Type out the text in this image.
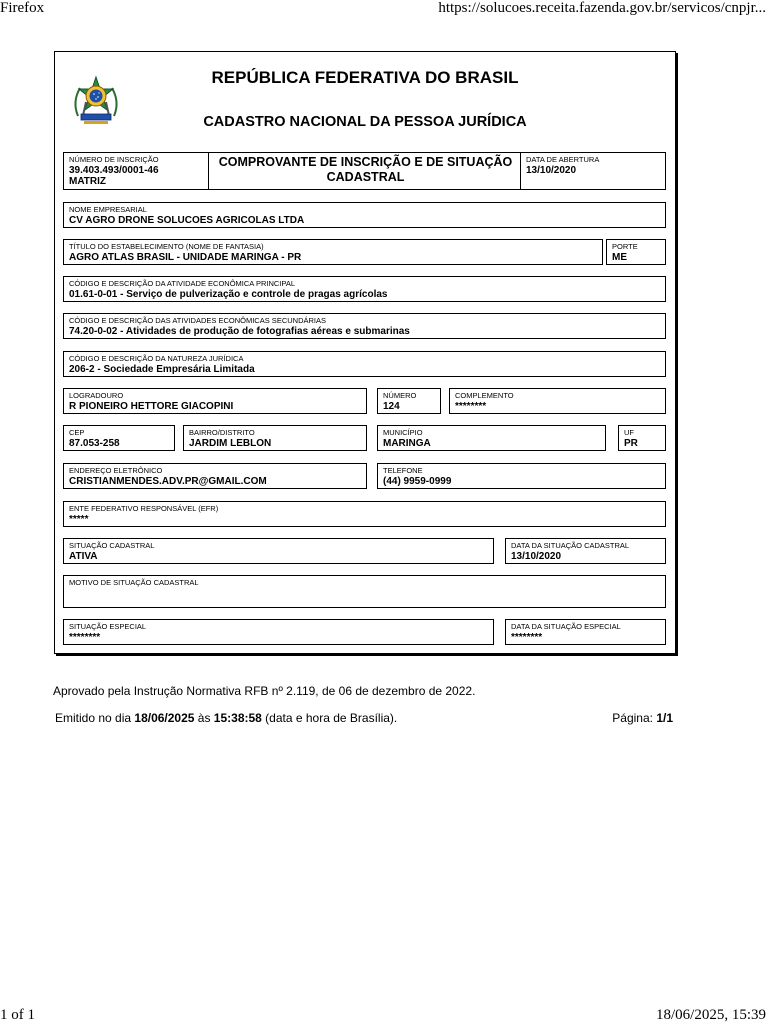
Firefox	https://solucoes.receita.fazenda.gov.br/servicos/cnpjr...
REPÚBLICA FEDERATIVA DO BRASIL
CADASTRO NACIONAL DA PESSOA JURÍDICA
NÚMERO DE INSCRIÇÃO
39.403.493/0001-46
MATRIZ
COMPROVANTE DE INSCRIÇÃO E DE SITUAÇÃO
CADASTRAL
DATA DE ABERTURA
13/10/2020
NOME EMPRESARIAL
CV AGRO DRONE SOLUCOES AGRICOLAS LTDA
TÍTULO DO ESTABELECIMENTO (NOME DE FANTASIA)
AGRO ATLAS BRASIL - UNIDADE MARINGA - PR
PORTE
ME
CÓDIGO E DESCRIÇÃO DA ATIVIDADE ECONÔMICA PRINCIPAL
01.61-0-01 - Serviço de pulverização e controle de pragas agrícolas
CÓDIGO E DESCRIÇÃO DAS ATIVIDADES ECONÔMICAS SECUNDÁRIAS
74.20-0-02 - Atividades de produção de fotografias aéreas e submarinas
CÓDIGO E DESCRIÇÃO DA NATUREZA JURÍDICA
206-2 - Sociedade Empresária Limitada
LOGRADOURO
R PIONEIRO HETTORE GIACOPINI
NÚMERO
124
COMPLEMENTO
********
CEP
87.053-258
BAIRRO/DISTRITO
JARDIM LEBLON
MUNICÍPIO
MARINGA
UF
PR
ENDEREÇO ELETRÔNICO
CRISTIANMENDES.ADV.PR@GMAIL.COM
TELEFONE
(44) 9959-0999
ENTE FEDERATIVO RESPONSÁVEL (EFR)
*****
SITUAÇÃO CADASTRAL
ATIVA
DATA DA SITUAÇÃO CADASTRAL
13/10/2020
MOTIVO DE SITUAÇÃO CADASTRAL
SITUAÇÃO ESPECIAL
********
DATA DA SITUAÇÃO ESPECIAL
********
Aprovado pela Instrução Normativa RFB nº 2.119, de 06 de dezembro de 2022.
Emitido no dia 18/06/2025 às 15:38:58 (data e hora de Brasília).	Página: 1/1
1 of 1	18/06/2025, 15:39
